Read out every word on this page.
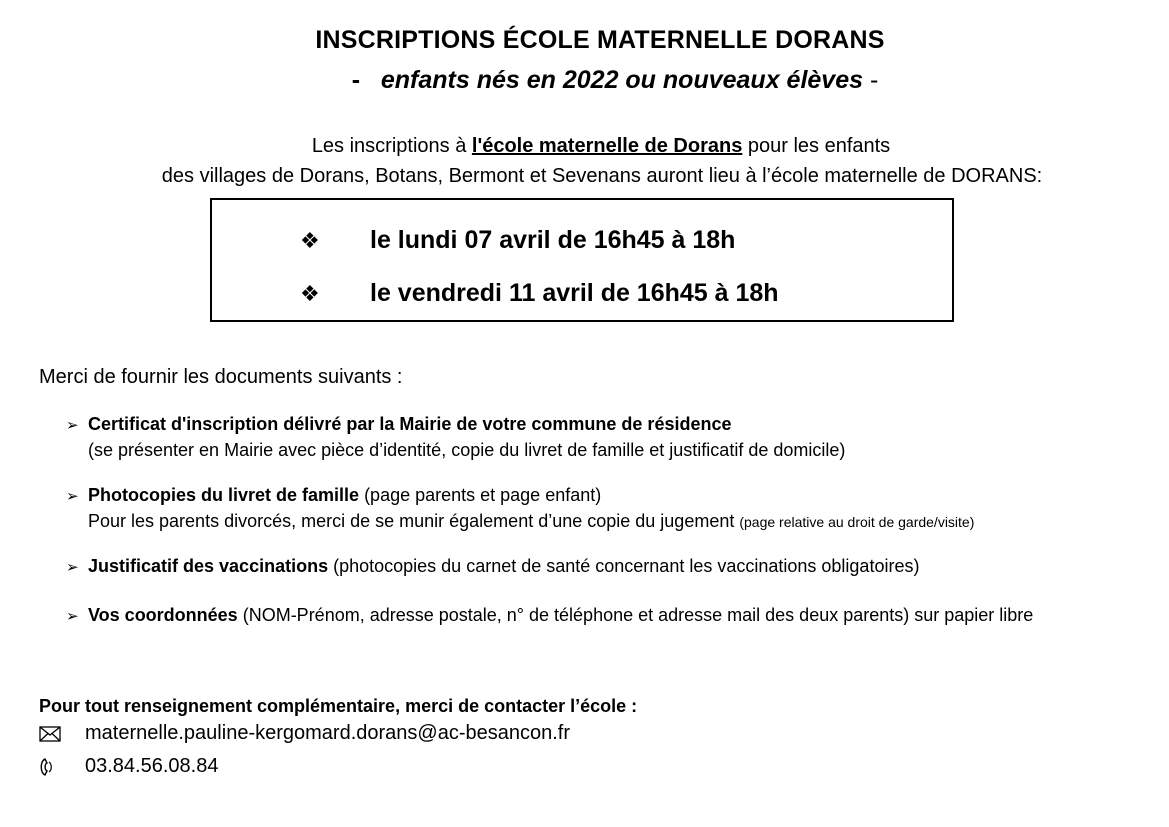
INSCRIPTIONS ÉCOLE MATERNELLE DORANS
- enfants nés en 2022 ou nouveaux élèves -
Les inscriptions à l'école maternelle de Dorans pour les enfants
des villages de Dorans, Botans, Bermont et Sevenans auront lieu à l’école maternelle de DORANS:
❖	le lundi 07 avril de 16h45 à 18h
❖	le vendredi 11 avril de 16h45 à 18h
Merci de fournir les documents suivants :
➢ Certificat d'inscription délivré par la Mairie de votre commune de résidence
(se présenter en Mairie avec pièce d’identité, copie du livret de famille et justificatif de domicile)
➢ Photocopies du livret de famille (page parents et page enfant)
Pour les parents divorcés, merci de se munir également d’une copie du jugement (page relative au droit de garde/visite)
➢ Justificatif des vaccinations (photocopies du carnet de santé concernant les vaccinations obligatoires)
➢ Vos coordonnées (NOM-Prénom, adresse postale, n° de téléphone et adresse mail des deux parents) sur papier libre
Pour tout renseignement complémentaire, merci de contacter l’école :
maternelle.pauline-kergomard.dorans@ac-besancon.fr
03.84.56.08.84
